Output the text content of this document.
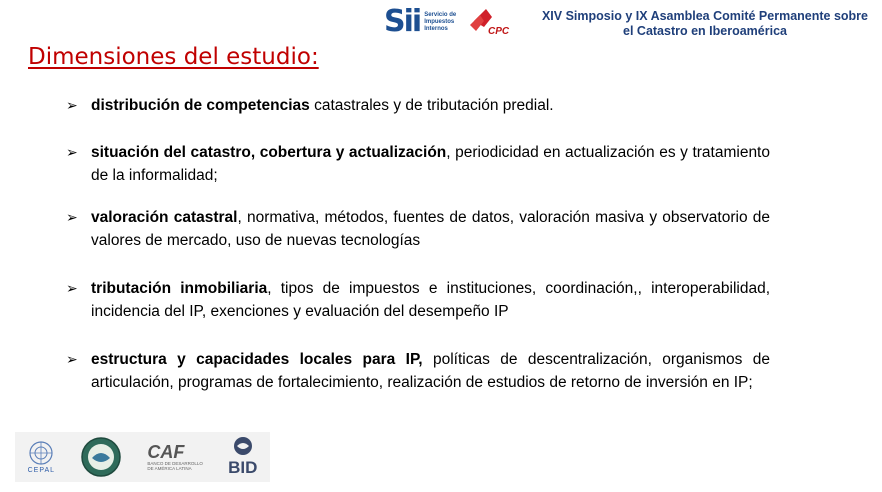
Sii Servicio de
Impuestos
Internos	CPC
XIV Simposio y IX Asamblea Comité Permanente sobre
el Catastro en Iberoamérica
Dimensiones del estudio:
➢ distribución de competencias catastrales y de tributación predial.
➢ situación del catastro, cobertura y actualización, periodicidad en actualización es y tratamiento de la informalidad;
➢ valoración catastral, normativa, métodos, fuentes de datos, valoración masiva y observatorio de valores de mercado, uso de nuevas tecnologías
➢ tributación inmobiliaria, tipos de impuestos e instituciones, coordinación,, interoperabilidad, incidencia del IP, exenciones y evaluación del desempeño IP
➢ estructura y capacidades locales para IP, políticas de descentralización, organismos de articulación, programas de fortalecimiento, realización de estudios de retorno de inversión en IP;
CEPAL
CAF
BANCO DE DESARROLLO
DE AMÉRICA LATINA BID
